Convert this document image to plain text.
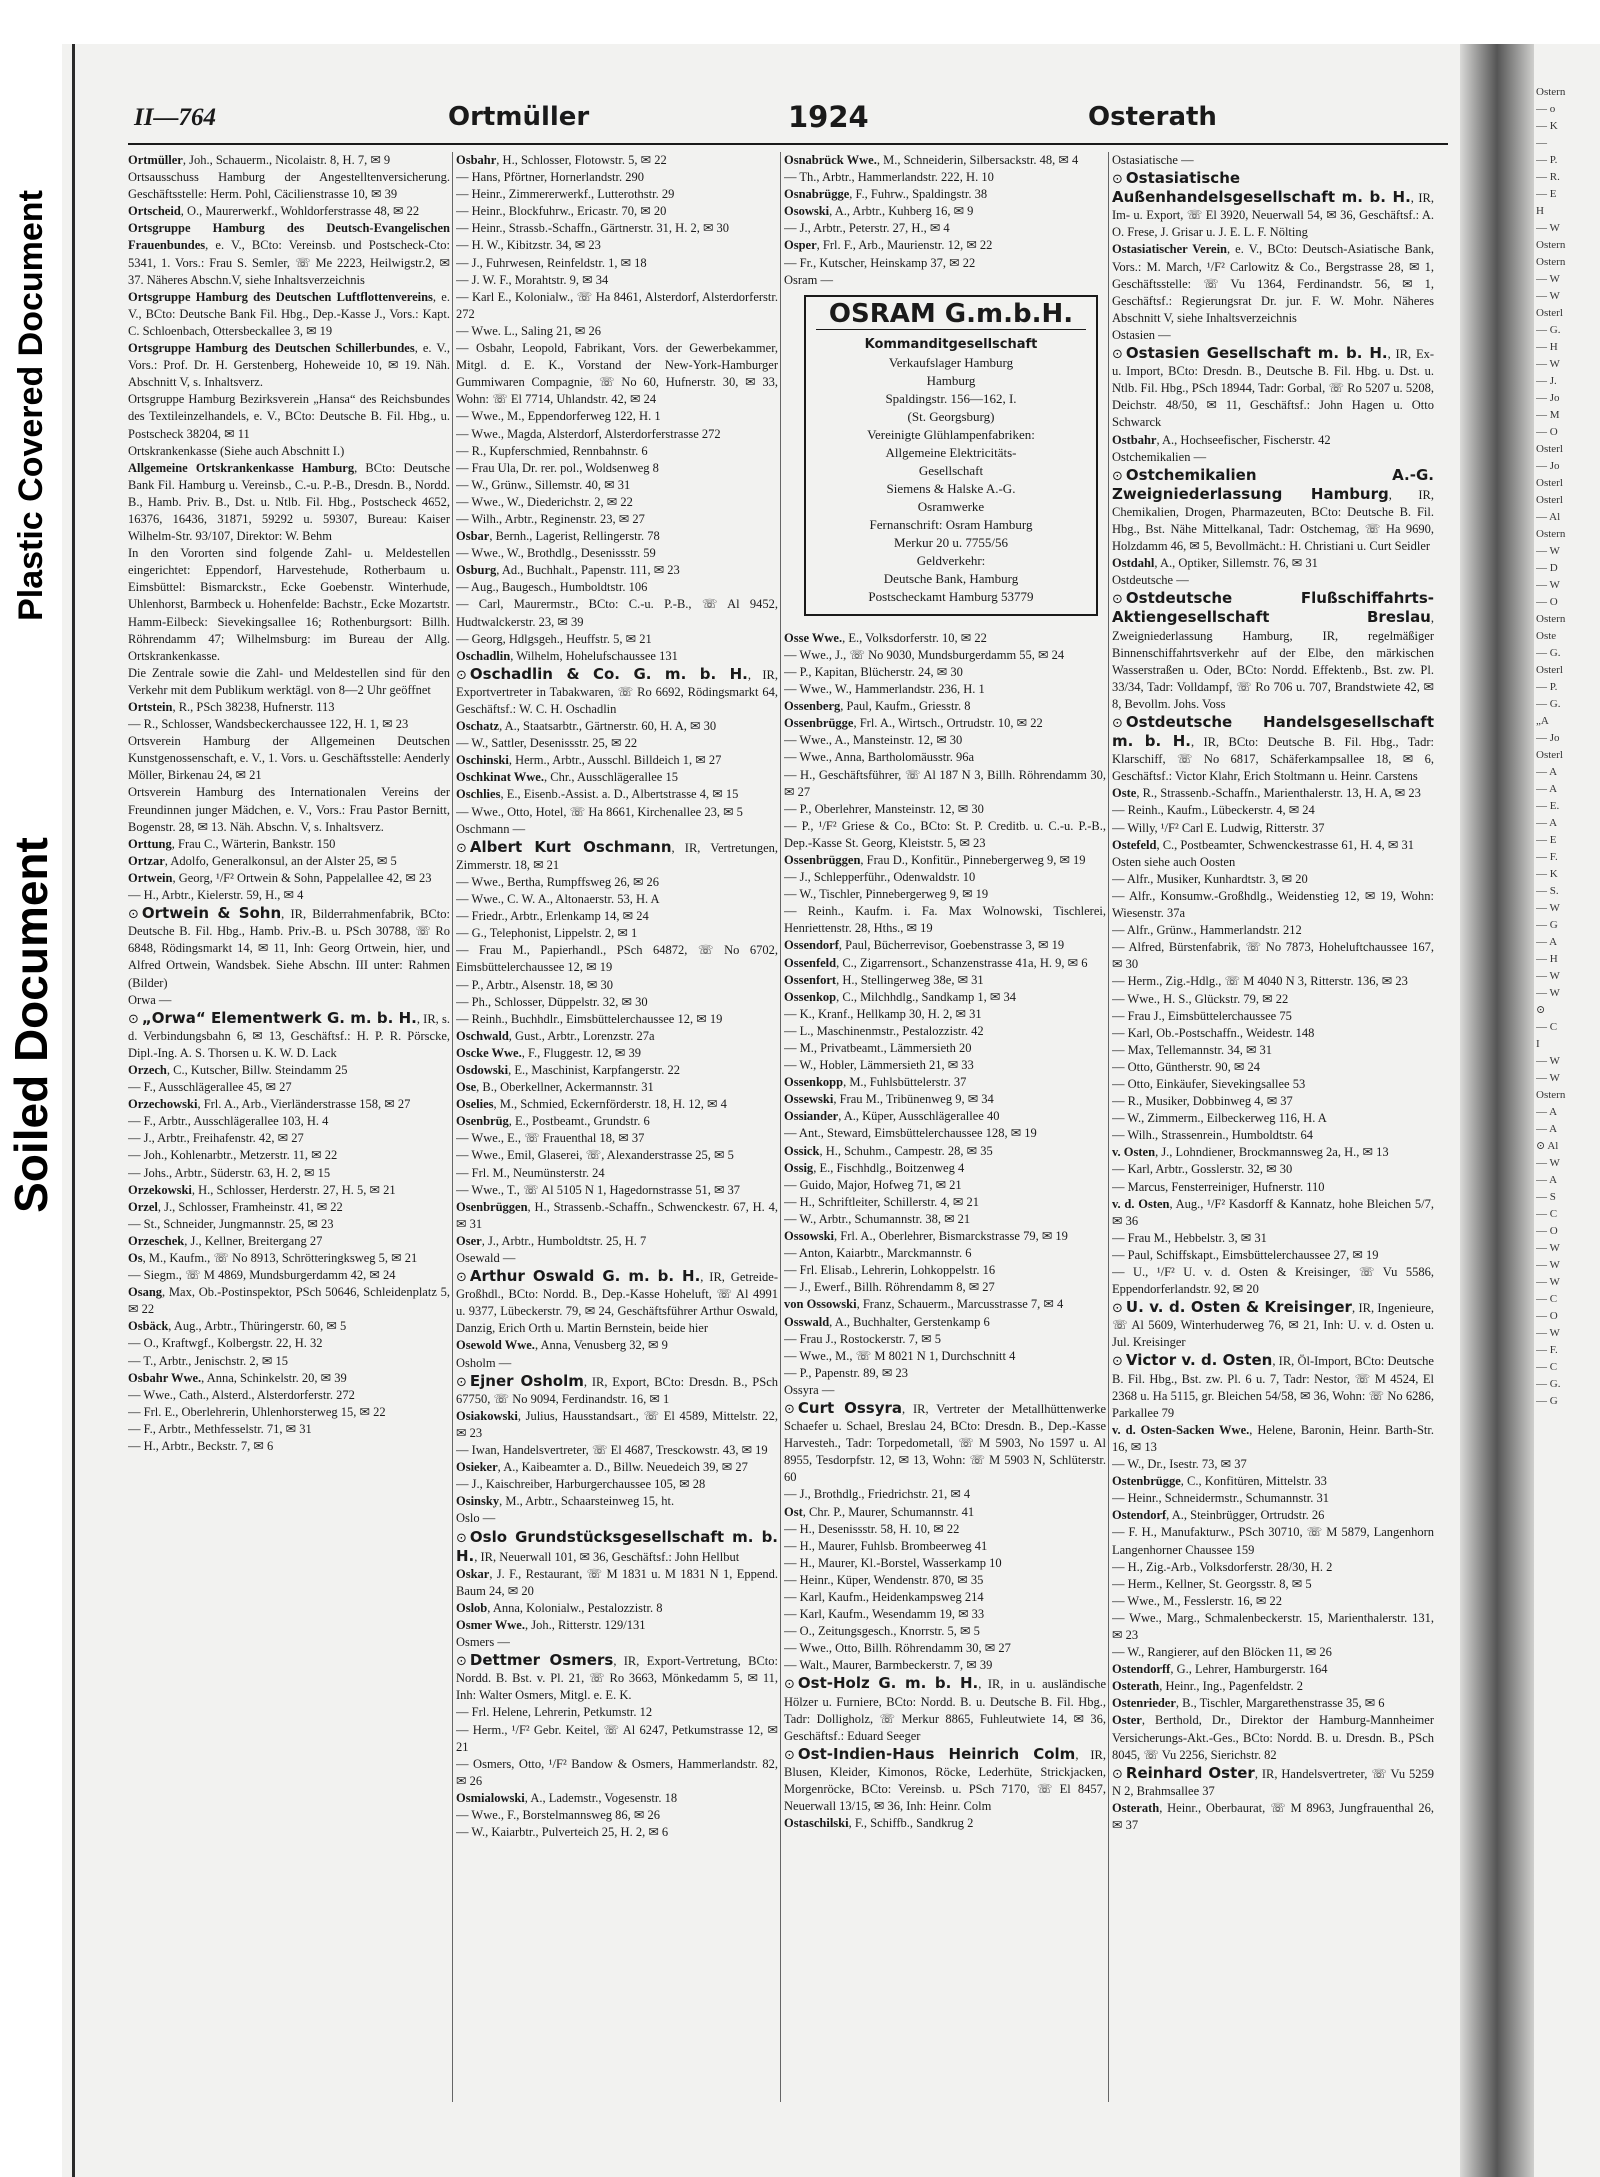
Plastic Covered Document
Soiled Document
II—764	Ortmüller	1924	Osterath
Ortmüller, Joh., Schauerm., Nicolaistr. 8, H. 7, ✉ 9
Ortsausschuss Hamburg der Angestelltenversicherung. Geschäftsstelle: Herm. Pohl, Cäcilienstrasse 10, ✉ 39
Ortscheid, O., Maurerwerkf., Wohldorferstrasse 48, ✉ 22
Ortsgruppe Hamburg des Deutsch-Evangelischen Frauenbundes, e. V., BCto: Vereinsb. und Postscheck-Cto: 5341, 1. Vors.: Frau S. Semler, ☏ Me 2223, Heilwigstr.2, ✉ 37. Näheres Abschn.V, siehe Inhaltsverzeichnis
Ortsgruppe Hamburg des Deutschen Luftflottenvereins, e. V., BCto: Deutsche Bank Fil. Hbg., Dep.-Kasse J., Vors.: Kapt. C. Schloenbach, Ottersbeckallee 3, ✉ 19
Ortsgruppe Hamburg des Deutschen Schillerbundes, e. V., Vors.: Prof. Dr. H. Gerstenberg, Hoheweide 10, ✉ 19. Näh. Abschnitt V, s. Inhaltsverz.
Ortsgruppe Hamburg Bezirksverein „Hansa“ des Reichsbundes des Textileinzelhandels, e. V., BCto: Deutsche B. Fil. Hbg., u. Postscheck 38204, ✉ 11
Ortskrankenkasse (Siehe auch Abschnitt I.)
Allgemeine Ortskrankenkasse Hamburg, BCto: Deutsche Bank Fil. Hamburg u. Vereinsb., C.-u. P.-B., Dresdn. B., Nordd. B., Hamb. Priv. B., Dst. u. Ntlb. Fil. Hbg., Postscheck 4652, 16376, 16436, 31871, 59292 u. 59307, Bureau: Kaiser Wilhelm-Str. 93/107, Direktor: W. Behm
In den Vororten sind folgende Zahl- u. Meldestellen eingerichtet: Eppendorf, Harvestehude, Rotherbaum u. Eimsbüttel: Bismarckstr., Ecke Goebenstr. Winterhude, Uhlenhorst, Barmbeck u. Hohenfelde: Bachstr., Ecke Mozartstr. Hamm-Eilbeck: Sievekingsallee 16; Rothenburgsort: Billh. Röhrendamm 47; Wilhelmsburg: im Bureau der Allg. Ortskrankenkasse.
Die Zentrale sowie die Zahl- und Meldestellen sind für den Verkehr mit dem Publikum werktägl. von 8—2 Uhr geöffnet
Ortstein, R., PSch 38238, Hufnerstr. 113
— R., Schlosser, Wandsbeckerchaussee 122, H. 1, ✉ 23
Ortsverein Hamburg der Allgemeinen Deutschen Kunstgenossenschaft, e. V., 1. Vors. u. Geschäftsstelle: Aenderly Möller, Birkenau 24, ✉ 21
Ortsverein Hamburg des Internationalen Vereins der Freundinnen junger Mädchen, e. V., Vors.: Frau Pastor Bernitt, Bogenstr. 28, ✉ 13. Näh. Abschn. V, s. Inhaltsverz.
Orttung, Frau C., Wärterin, Bankstr. 150
Ortzar, Adolfo, Generalkonsul, an der Alster 25, ✉ 5
Ortwein, Georg, ¹/F² Ortwein & Sohn, Pappelallee 42, ✉ 23
— H., Arbtr., Kielerstr. 59, H., ✉ 4
⊙ Ortwein & Sohn, IR, Bilderrahmenfabrik, BCto: Deutsche B. Fil. Hbg., Hamb. Priv.-B. u. PSch 30788, ☏ Ro 6848, Rödingsmarkt 14, ✉ 11, Inh: Georg Ortwein, hier, und Alfred Ortwein, Wandsbek. Siehe Abschn. III unter: Rahmen (Bilder)
Orwa —
⊙ „Orwa“ Elementwerk G. m. b. H., IR, s. d. Verbindungsbahn 6, ✉ 13, Geschäftsf.: H. P. R. Pörscke, Dipl.-Ing. A. S. Thorsen u. K. W. D. Lack
Orzech, C., Kutscher, Billw. Steindamm 25
— F., Ausschlägerallee 45, ✉ 27
Orzechowski, Frl. A., Arb., Vierländerstrasse 158, ✉ 27
— F., Arbtr., Ausschlägerallee 103, H. 4
— J., Arbtr., Freihafenstr. 42, ✉ 27
— Joh., Kohlenarbtr., Metzerstr. 11, ✉ 22
— Johs., Arbtr., Süderstr. 63, H. 2, ✉ 15
Orzekowski, H., Schlosser, Herderstr. 27, H. 5, ✉ 21
Orzel, J., Schlosser, Framheinstr. 41, ✉ 22
— St., Schneider, Jungmannstr. 25, ✉ 23
Orzeschek, J., Kellner, Breitergang 27
Os, M., Kaufm., ☏ No 8913, Schrötteringksweg 5, ✉ 21
— Siegm., ☏ M 4869, Mundsburgerdamm 42, ✉ 24
Osang, Max, Ob.-Postinspektor, PSch 50646, Schleidenplatz 5, ✉ 22
Osbäck, Aug., Arbtr., Thüringerstr. 60, ✉ 5
— O., Kraftwgf., Kolbergstr. 22, H. 32
— T., Arbtr., Jenischstr. 2, ✉ 15
Osbahr Wwe., Anna, Schinkelstr. 20, ✉ 39
— Wwe., Cath., Alsterd., Alsterdorferstr. 272
— Frl. E., Oberlehrerin, Uhlenhorsterweg 15, ✉ 22
— F., Arbtr., Methfesselstr. 71, ✉ 31
— H., Arbtr., Beckstr. 7, ✉ 6
Osbahr, H., Schlosser, Flotowstr. 5, ✉ 22
— Hans, Pförtner, Hornerlandstr. 290
— Heinr., Zimmererwerkf., Lutterothstr. 29
— Heinr., Blockfuhrw., Ericastr. 70, ✉ 20
— Heinr., Strassb.-Schaffn., Gärtnerstr. 31, H. 2, ✉ 30
— H. W., Kibitzstr. 34, ✉ 23
— J., Fuhrwesen, Reinfeldstr. 1, ✉ 18
— J. W. F., Morahtstr. 9, ✉ 34
— Karl E., Kolonialw., ☏ Ha 8461, Alsterdorf, Alsterdorferstr. 272
— Wwe. L., Saling 21, ✉ 26
— Osbahr, Leopold, Fabrikant, Vors. der Gewerbekammer, Mitgl. d. E. K., Vorstand der New-York-Hamburger Gummiwaren Compagnie, ☏ No 60, Hufnerstr. 30, ✉ 33, Wohn: ☏ El 7714, Uhlandstr. 42, ✉ 24
— Wwe., M., Eppendorferweg 122, H. 1
— Wwe., Magda, Alsterdorf, Alsterdorferstrasse 272
— R., Kupferschmied, Rennbahnstr. 6
— Frau Ula, Dr. rer. pol., Woldsenweg 8
— W., Grünw., Sillemstr. 40, ✉ 31
— Wwe., W., Diederichstr. 2, ✉ 22
— Wilh., Arbtr., Reginenstr. 23, ✉ 27
Osbar, Bernh., Lagerist, Rellingerstr. 78
— Wwe., W., Brothdlg., Desenissstr. 59
Osburg, Ad., Buchhalt., Papenstr. 111, ✉ 23
— Aug., Baugesch., Humboldtstr. 106
— Carl, Maurermstr., BCto: C.-u. P.-B., ☏ Al 9452, Hudtwalckerstr. 23, ✉ 39
— Georg, Hdlgsgeh., Heuffstr. 5, ✉ 21
Oschadlin, Wilhelm, Hohelufschaussee 131
⊙ Oschadlin & Co. G. m. b. H., IR, Exportvertreter in Tabakwaren, ☏ Ro 6692, Rödingsmarkt 64, Geschäftsf.: W. C. H. Oschadlin
Oschatz, A., Staatsarbtr., Gärtnerstr. 60, H. A, ✉ 30
— W., Sattler, Desenissstr. 25, ✉ 22
Oschinski, Herm., Arbtr., Ausschl. Billdeich 1, ✉ 27
Oschkinat Wwe., Chr., Ausschlägerallee 15
Oschlies, E., Eisenb.-Assist. a. D., Albertstrasse 4, ✉ 15
— Wwe., Otto, Hotel, ☏ Ha 8661, Kirchenallee 23, ✉ 5
Oschmann —
⊙ Albert Kurt Oschmann, IR, Vertretungen, Zimmerstr. 18, ✉ 21
— Wwe., Bertha, Rumpffsweg 26, ✉ 26
— Wwe., C. W. A., Altonaerstr. 53, H. A
— Friedr., Arbtr., Erlenkamp 14, ✉ 24
— G., Telephonist, Lippelstr. 2, ✉ 1
— Frau M., Papierhandl., PSch 64872, ☏ No 6702, Eimsbüttelerchaussee 12, ✉ 19
— P., Arbtr., Alsenstr. 18, ✉ 30
— Ph., Schlosser, Düppelstr. 32, ✉ 30
— Reinh., Buchhdlr., Eimsbüttelerchaussee 12, ✉ 19
Oschwald, Gust., Arbtr., Lorenzstr. 27a
Oscke Wwe., F., Fluggestr. 12, ✉ 39
Osdowski, E., Maschinist, Karpfangerstr. 22
Ose, B., Oberkellner, Ackermannstr. 31
Oselies, M., Schmied, Eckernförderstr. 18, H. 12, ✉ 4
Osenbrüg, E., Postbeamt., Grundstr. 6
— Wwe., E., ☏ Frauenthal 18, ✉ 37
— Wwe., Emil, Glaserei, ☏, Alexanderstrasse 25, ✉ 5
— Frl. M., Neumünsterstr. 24
— Wwe., T., ☏ Al 5105 N 1, Hagedornstrasse 51, ✉ 37
Osenbrüggen, H., Strassenb.-Schaffn., Schwenckestr. 67, H. 4, ✉ 31
Oser, J., Arbtr., Humboldtstr. 25, H. 7
Osewald —
⊙ Arthur Oswald G. m. b. H., IR, Getreide-Großhdl., BCto: Nordd. B., Dep.-Kasse Hoheluft, ☏ Al 4991 u. 9377, Lübeckerstr. 79, ✉ 24, Geschäftsführer Arthur Oswald, Danzig, Erich Orth u. Martin Bernstein, beide hier
Osewold Wwe., Anna, Venusberg 32, ✉ 9
Osholm —
⊙ Ejner Osholm, IR, Export, BCto: Dresdn. B., PSch 67750, ☏ No 9094, Ferdinandstr. 16, ✉ 1
Osiakowski, Julius, Hausstandsart., ☏ El 4589, Mittelstr. 22, ✉ 23
— Iwan, Handelsvertreter, ☏ El 4687, Tresckowstr. 43, ✉ 19
Osieker, A., Kaibeamter a. D., Billw. Neuedeich 39, ✉ 27
— J., Kaischreiber, Harburgerchaussee 105, ✉ 28
Osinsky, M., Arbtr., Schaarsteinweg 15, ht.
Oslo —
⊙ Oslo Grundstücksgesellschaft m. b. H., IR, Neuerwall 101, ✉ 36, Geschäftsf.: John Hellbut
Oskar, J. F., Restaurant, ☏ M 1831 u. M 1831 N 1, Eppend. Baum 24, ✉ 20
Oslob, Anna, Kolonialw., Pestalozzistr. 8
Osmer Wwe., Joh., Ritterstr. 129/131
Osmers —
⊙ Dettmer Osmers, IR, Export-Vertretung, BCto: Nordd. B. Bst. v. Pl. 21, ☏ Ro 3663, Mönkedamm 5, ✉ 11, Inh: Walter Osmers, Mitgl. e. E. K.
— Frl. Helene, Lehrerin, Petkumstr. 12
— Herm., ¹/F² Gebr. Keitel, ☏ Al 6247, Petkumstrasse 12, ✉ 21
— Osmers, Otto, ¹/F² Bandow & Osmers, Hammerlandstr. 82, ✉ 26
Osmialowski, A., Lademstr., Vogesenstr. 18
— Wwe., F., Borstelmannsweg 86, ✉ 26
— W., Kaiarbtr., Pulverteich 25, H. 2, ✉ 6
Osnabrück Wwe., M., Schneiderin, Silbersackstr. 48, ✉ 4
— Th., Arbtr., Hammerlandstr. 222, H. 10
Osnabrügge, F., Fuhrw., Spaldingstr. 38
Osowski, A., Arbtr., Kuhberg 16, ✉ 9
— J., Arbtr., Peterstr. 27, H., ✉ 4
Osper, Frl. F., Arb., Maurienstr. 12, ✉ 22
— Fr., Kutscher, Heinskamp 37, ✉ 22
Osram —
OSRAM G.m.b.H.
Kommanditgesellschaft
Verkaufslager Hamburg
Hamburg
Spaldingstr. 156—162, I.
(St. Georgsburg)
Vereinigte Glühlampenfabriken:
Allgemeine Elektricitäts-
Gesellschaft
Siemens & Halske A.-G.
Osramwerke
Fernanschrift: Osram Hamburg
Merkur 20 u. 7755/56
Geldverkehr:
Deutsche Bank, Hamburg
Postscheckamt Hamburg 53779
Osse Wwe., E., Volksdorferstr. 10, ✉ 22
— Wwe., J., ☏ No 9030, Mundsburgerdamm 55, ✉ 24
— P., Kapitan, Blücherstr. 24, ✉ 30
— Wwe., W., Hammerlandstr. 236, H. 1
Ossenberg, Paul, Kaufm., Griesstr. 8
Ossenbrügge, Frl. A., Wirtsch., Ortrudstr. 10, ✉ 22
— Wwe., A., Mansteinstr. 12, ✉ 30
— Wwe., Anna, Bartholomäusstr. 96a
— H., Geschäftsführer, ☏ Al 187 N 3, Billh. Röhrendamm 30, ✉ 27
— P., Oberlehrer, Mansteinstr. 12, ✉ 30
— P., ¹/F² Griese & Co., BCto: St. P. Creditb. u. C.-u. P.-B., Dep.-Kasse St. Georg, Kleiststr. 5, ✉ 23
Ossenbrüggen, Frau D., Konfitür., Pinnebergerweg 9, ✉ 19
— J., Schlepperführ., Odenwaldstr. 10
— W., Tischler, Pinnebergerweg 9, ✉ 19
— Reinh., Kaufm. i. Fa. Max Wolnowski, Tischlerei, Henriettenstr. 28, Hths., ✉ 19
Ossendorf, Paul, Bücherrevisor, Goebenstrasse 3, ✉ 19
Ossenfeld, C., Zigarrensort., Schanzenstrasse 41a, H. 9, ✉ 6
Ossenfort, H., Stellingerweg 38e, ✉ 31
Ossenkop, C., Milchhdlg., Sandkamp 1, ✉ 34
— K., Kranf., Hellkamp 30, H. 2, ✉ 31
— L., Maschinenmstr., Pestalozzistr. 42
— M., Privatbeamt., Lämmersieth 20
— W., Hobler, Lämmersieth 21, ✉ 33
Ossenkopp, M., Fuhlsbüttelerstr. 37
Ossewski, Frau M., Tribünenweg 9, ✉ 34
Ossiander, A., Küper, Ausschlägerallee 40
— Ant., Steward, Eimsbüttelerchaussee 128, ✉ 19
Ossick, H., Schuhm., Campestr. 28, ✉ 35
Ossig, E., Fischhdlg., Boitzenweg 4
— Guido, Major, Hofweg 71, ✉ 21
— H., Schriftleiter, Schillerstr. 4, ✉ 21
— W., Arbtr., Schumannstr. 38, ✉ 21
Ossowski, Frl. A., Oberlehrer, Bismarckstrasse 79, ✉ 19
— Anton, Kaiarbtr., Marckmannstr. 6
— Frl. Elisab., Lehrerin, Lohkoppelstr. 16
— J., Ewerf., Billh. Röhrendamm 8, ✉ 27
von Ossowski, Franz, Schauerm., Marcusstrasse 7, ✉ 4
Osswald, A., Buchhalter, Gerstenkamp 6
— Frau J., Rostockerstr. 7, ✉ 5
— Wwe., M., ☏ M 8021 N 1, Durchschnitt 4
— P., Papenstr. 89, ✉ 23
Ossyra —
⊙ Curt Ossyra, IR, Vertreter der Metallhüttenwerke Schaefer u. Schael, Breslau 24, BCto: Dresdn. B., Dep.-Kasse Harvesteh., Tadr: Torpedometall, ☏ M 5903, No 1597 u. Al 8955, Tesdorpfstr. 12, ✉ 13, Wohn: ☏ M 5903 N, Schlüterstr. 60
— J., Brothdlg., Friedrichstr. 21, ✉ 4
Ost, Chr. P., Maurer, Schumannstr. 41
— H., Desenissstr. 58, H. 10, ✉ 22
— H., Maurer, Fuhlsb. Brombeerweg 41
— H., Maurer, Kl.-Borstel, Wasserkamp 10
— Heinr., Küper, Wendenstr. 870, ✉ 35
— Karl, Kaufm., Heidenkampsweg 214
— Karl, Kaufm., Wesendamm 19, ✉ 33
— O., Zeitungsgesch., Knorrstr. 5, ✉ 5
— Wwe., Otto, Billh. Röhrendamm 30, ✉ 27
— Walt., Maurer, Barmbeckerstr. 7, ✉ 39
⊙ Ost-Holz G. m. b. H., IR, in u. ausländische Hölzer u. Furniere, BCto: Nordd. B. u. Deutsche B. Fil. Hbg., Tadr: Dolligholz, ☏ Merkur 8865, Fuhleutwiete 14, ✉ 36, Geschäftsf.: Eduard Seeger
⊙ Ost-Indien-Haus Heinrich Colm, IR, Blusen, Kleider, Kimonos, Röcke, Lederhüte, Strickjacken, Morgenröcke, BCto: Vereinsb. u. PSch 7170, ☏ El 8457, Neuerwall 13/15, ✉ 36, Inh: Heinr. Colm
Ostaschilski, F., Schiffb., Sandkrug 2
Ostasiatische —
⊙ Ostasiatische Außenhandelsgesellschaft m. b. H., IR, Im- u. Export, ☏ El 3920, Neuerwall 54, ✉ 36, Geschäftsf.: A. O. Frese, J. Grisar u. J. E. L. F. Nölting
Ostasiatischer Verein, e. V., BCto: Deutsch-Asiatische Bank, Vors.: M. March, ¹/F² Carlowitz & Co., Bergstrasse 28, ✉ 1, Geschäftsstelle: ☏ Vu 1364, Ferdinandstr. 56, ✉ 1, Geschäftsf.: Regierungsrat Dr. jur. F. W. Mohr. Näheres Abschnitt V, siehe Inhaltsverzeichnis
Ostasien —
⊙ Ostasien Gesellschaft m. b. H., IR, Ex- u. Import, BCto: Dresdn. B., Deutsche B. Fil. Hbg. u. Dst. u. Ntlb. Fil. Hbg., PSch 18944, Tadr: Gorbal, ☏ Ro 5207 u. 5208, Deichstr. 48/50, ✉ 11, Geschäftsf.: John Hagen u. Otto Schwarck
Ostbahr, A., Hochseefischer, Fischerstr. 42
Ostchemikalien —
⊙ Ostchemikalien A.-G. Zweigniederlassung Hamburg, IR, Chemikalien, Drogen, Pharmazeuten, BCto: Deutsche B. Fil. Hbg., Bst. Nähe Mittelkanal, Tadr: Ostchemag, ☏ Ha 9690, Holzdamm 46, ✉ 5, Bevollmächt.: H. Christiani u. Curt Seidler
Ostdahl, A., Optiker, Sillemstr. 76, ✉ 31
Ostdeutsche —
⊙ Ostdeutsche Flußschiffahrts-Aktiengesellschaft Breslau, Zweigniederlassung Hamburg, IR, regelmäßiger Binnenschiffahrtsverkehr auf der Elbe, den märkischen Wasserstraßen u. Oder, BCto: Nordd. Effektenb., Bst. zw. Pl. 33/34, Tadr: Volldampf, ☏ Ro 706 u. 707, Brandstwiete 42, ✉ 8, Bevollm. Johs. Voss
⊙ Ostdeutsche Handelsgesellschaft m. b. H., IR, BCto: Deutsche B. Fil. Hbg., Tadr: Klarschiff, ☏ No 6817, Schäferkampsallee 18, ✉ 6, Geschäftsf.: Victor Klahr, Erich Stoltmann u. Heinr. Carstens
Oste, R., Strassenb.-Schaffn., Marienthalerstr. 13, H. A, ✉ 23
— Reinh., Kaufm., Lübeckerstr. 4, ✉ 24
— Willy, ¹/F² Carl E. Ludwig, Ritterstr. 37
Ostefeld, C., Postbeamter, Schwenckestrasse 61, H. 4, ✉ 31
Osten siehe auch Oosten
— Alfr., Musiker, Kunhardtstr. 3, ✉ 20
— Alfr., Konsumw.-Großhdlg., Weidenstieg 12, ✉ 19, Wohn: Wiesenstr. 37a
— Alfr., Grünw., Hammerlandstr. 212
— Alfred, Bürstenfabrik, ☏ No 7873, Hoheluftchaussee 167, ✉ 30
— Herm., Zig.-Hdlg., ☏ M 4040 N 3, Ritterstr. 136, ✉ 23
— Wwe., H. S., Glückstr. 79, ✉ 22
— Frau J., Eimsbüttelerchaussee 75
— Karl, Ob.-Postschaffn., Weidestr. 148
— Max, Tellemannstr. 34, ✉ 31
— Otto, Güntherstr. 90, ✉ 24
— Otto, Einkäufer, Sievekingsallee 53
— R., Musiker, Dobbinweg 4, ✉ 37
— W., Zimmerm., Eilbeckerweg 116, H. A
— Wilh., Strassenrein., Humboldtstr. 64
v. Osten, J., Lohndiener, Brockmannsweg 2a, H., ✉ 13
— Karl, Arbtr., Gosslerstr. 32, ✉ 30
— Marcus, Fensterreiniger, Hufnerstr. 110
v. d. Osten, Aug., ¹/F² Kasdorff & Kannatz, hohe Bleichen 5/7, ✉ 36
— Frau M., Hebbelstr. 3, ✉ 31
— Paul, Schiffskapt., Eimsbüttelerchaussee 27, ✉ 19
— U., ¹/F² U. v. d. Osten & Kreisinger, ☏ Vu 5586, Eppendorferlandstr. 92, ✉ 20
⊙ U. v. d. Osten & Kreisinger, IR, Ingenieure, ☏ Al 5609, Winterhuderweg 76, ✉ 21, Inh: U. v. d. Osten u. Jul. Kreisinger
⊙ Victor v. d. Osten, IR, Öl-Import, BCto: Deutsche B. Fil. Hbg., Bst. zw. Pl. 6 u. 7, Tadr: Nestor, ☏ M 4524, El 2368 u. Ha 5115, gr. Bleichen 54/58, ✉ 36, Wohn: ☏ No 6286, Parkallee 79
v. d. Osten-Sacken Wwe., Helene, Baronin, Heinr. Barth-Str. 16, ✉ 13
— W., Dr., Isestr. 73, ✉ 37
Ostenbrügge, C., Konfitüren, Mittelstr. 33
— Heinr., Schneidermstr., Schumannstr. 31
Ostendorf, A., Steinbrügger, Ortrudstr. 26
— F. H., Manufakturw., PSch 30710, ☏ M 5879, Langenhorn Langenhorner Chaussee 159
— H., Zig.-Arb., Volksdorferstr. 28/30, H. 2
— Herm., Kellner, St. Georgsstr. 8, ✉ 5
— Wwe., M., Fesslerstr. 16, ✉ 22
— Wwe., Marg., Schmalenbeckerstr. 15, Marienthalerstr. 131, ✉ 23
— W., Rangierer, auf den Blöcken 11, ✉ 26
Ostendorff, G., Lehrer, Hamburgerstr. 164
Osterath, Heinr., Ing., Pagenfeldstr. 2
Ostenrieder, B., Tischler, Margarethenstrasse 35, ✉ 6
Oster, Berthold, Dr., Direktor der Hamburg-Mannheimer Versicherungs-Akt.-Ges., BCto: Nordd. B. u. Dresdn. B., PSch 8045, ☏ Vu 2256, Sierichstr. 82
⊙ Reinhard Oster, IR, Handelsvertreter, ☏ Vu 5259 N 2, Brahmsallee 37
Osterath, Heinr., Oberbaurat, ☏ M 8963, Jungfrauenthal 26, ✉ 37
Ostern
— o
— K
—
— P.
— R.
— Ε
H
— W
Ostern
Ostern
— W
— W
Osterl
— G.
— H
— W
— J.
— Jo
— M
— O
Osterl
— Jo
Osterl
Osterl
— Al
Ostern
— W
— D
— W
— O
Ostern
Oste
— G.
Osterl
— P.
— G.
„A
— Jo
Osterl
— A
— A
— E.
— A
— E
— F.
— K
— S.
— W
— G
— A
— H
— W
— W
⊙
— C
I
— W
— W
Ostern
— A
— A
⊙ Al
— W
— A
— S
— C
— O
— W
— W
— W
— C
— O
— W
— F.
— C
— G.
— G
